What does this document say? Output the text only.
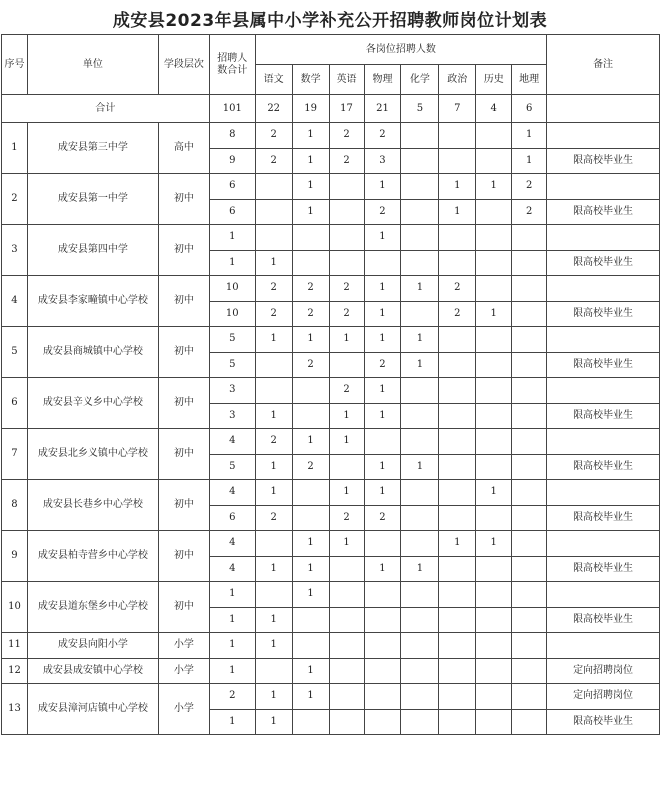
成安县2023年县属中小学补充公开招聘教师岗位计划表
序号	单位	学段层次	招聘人数合计	各岗位招聘人数								备注
				语文	数学	英语	物理	化学	政治	历史	地理	
合计			101	22	19	17	21	5	7	4	6	
1	成安县第三中学	高中	8	2	1	2	2				1	
			9	2	1	2	3				1	限高校毕业生
2	成安县第一中学	初中	6		1		1		1	1	2	
			6		1		2		1		2	限高校毕业生
3	成安县第四中学	初中	1				1					
			1	1								限高校毕业生
4	成安县李家疃镇中心学校	初中	10	2	2	2	1	1	2			
			10	2	2	2	1		2	1		限高校毕业生
5	成安县商城镇中心学校	初中	5	1	1	1	1	1				
			5		2		2	1				限高校毕业生
6	成安县辛义乡中心学校	初中	3			2	1					
			3	1		1	1					限高校毕业生
7	成安县北乡义镇中心学校	初中	4	2	1	1						
			5	1	2		1	1				限高校毕业生
8	成安县长巷乡中心学校	初中	4	1		1	1			1		
			6	2		2	2					限高校毕业生
9	成安县柏寺营乡中心学校	初中	4		1	1			1	1		
			4	1	1		1	1				限高校毕业生
10	成安县道东堡乡中心学校	初中	1		1							
			1	1								限高校毕业生
11	成安县向阳小学	小学	1	1								
12	成安县成安镇中心学校	小学	1		1							定向招聘岗位
13	成安县漳河店镇中心学校	小学	2	1	1							定向招聘岗位
			1	1								限高校毕业生
